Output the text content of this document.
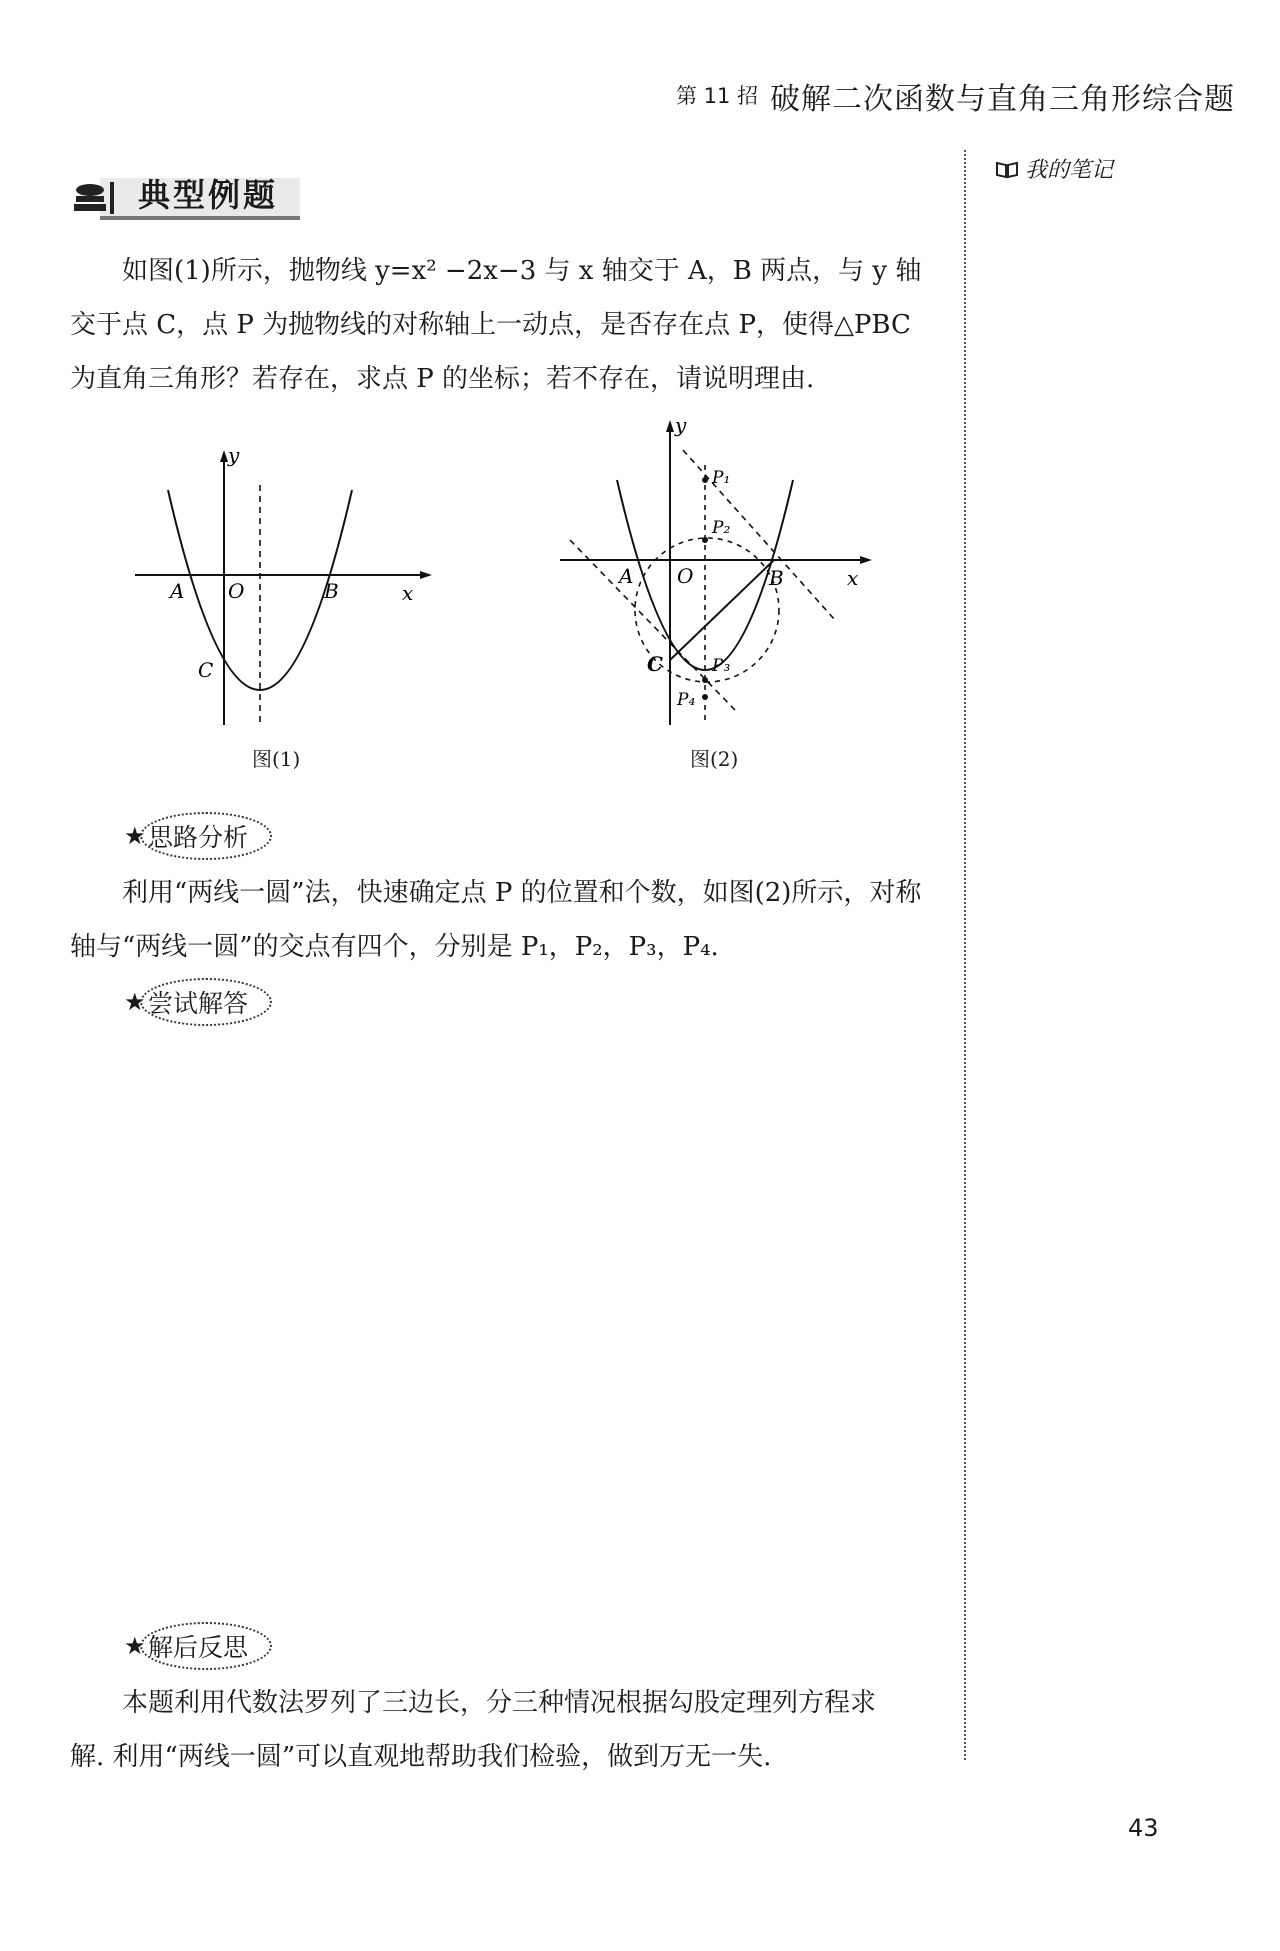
第 11 招 破解二次函数与直角三角形综合题
我的笔记
典型例题
如图(1)所示，抛物线 y=x² −2x−3 与 x 轴交于 A，B 两点，与 y 轴
交于点 C，点 P 为抛物线的对称轴上一动点，是否存在点 P，使得△PBC
为直角三角形？若存在，求点 P 的坐标；若不存在，请说明理由.
y
x
A O	B
C
图(1)
y
x
A O	B
C
P₁
P₂
P₃
P₄
图(2)
★ 思路分析
利用“两线一圆”法，快速确定点 P 的位置和个数，如图(2)所示，对称
轴与“两线一圆”的交点有四个，分别是 P₁，P₂，P₃，P₄.
★ 尝试解答
★ 解后反思
本题利用代数法罗列了三边长，分三种情况根据勾股定理列方程求
解. 利用“两线一圆”可以直观地帮助我们检验，做到万无一失.
43
